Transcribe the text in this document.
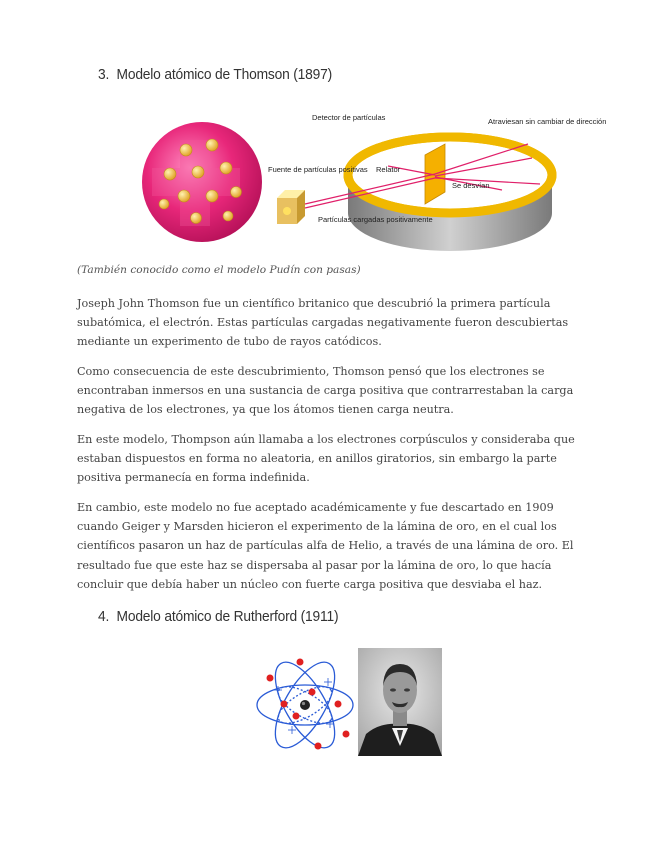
3. Modelo atómico de Thomson (1897)
Detector de partículas	Atraviesan sin cambiar de dirección
Fuente de partículas positivas Relator
Se desvían
Partículas cargadas positivamente

(También conocido como el modelo Pudín con pasas)

Joseph John Thomson fue un científico britanico que descubrió la primera partícula subatómica, el electrón. Estas partículas cargadas negativamente fueron descubiertas mediante un experimento de tubo de rayos catódicos.

Como consecuencia de este descubrimiento, Thomson pensó que los electrones se encontraban inmersos en una sustancia de carga positiva que contrarrestaban la carga negativa de los electrones, ya que los átomos tienen carga neutra.

En este modelo, Thompson aún llamaba a los electrones corpúsculos y consideraba que estaban dispuestos en forma no aleatoria, en anillos giratorios, sin embargo la parte positiva permanecía en forma indefinida.

En cambio, este modelo no fue aceptado académicamente y fue descartado en 1909 cuando Geiger y Marsden hicieron el experimento de la lámina de oro, en el cual los científicos pasaron un haz de partículas alfa de Helio, a través de una lámina de oro. El resultado fue que este haz se dispersaba al pasar por la lámina de oro, lo que hacía concluir que debía haber un núcleo con fuerte carga positiva que desviaba el haz.

4. Modelo atómico de Rutherford (1911)
